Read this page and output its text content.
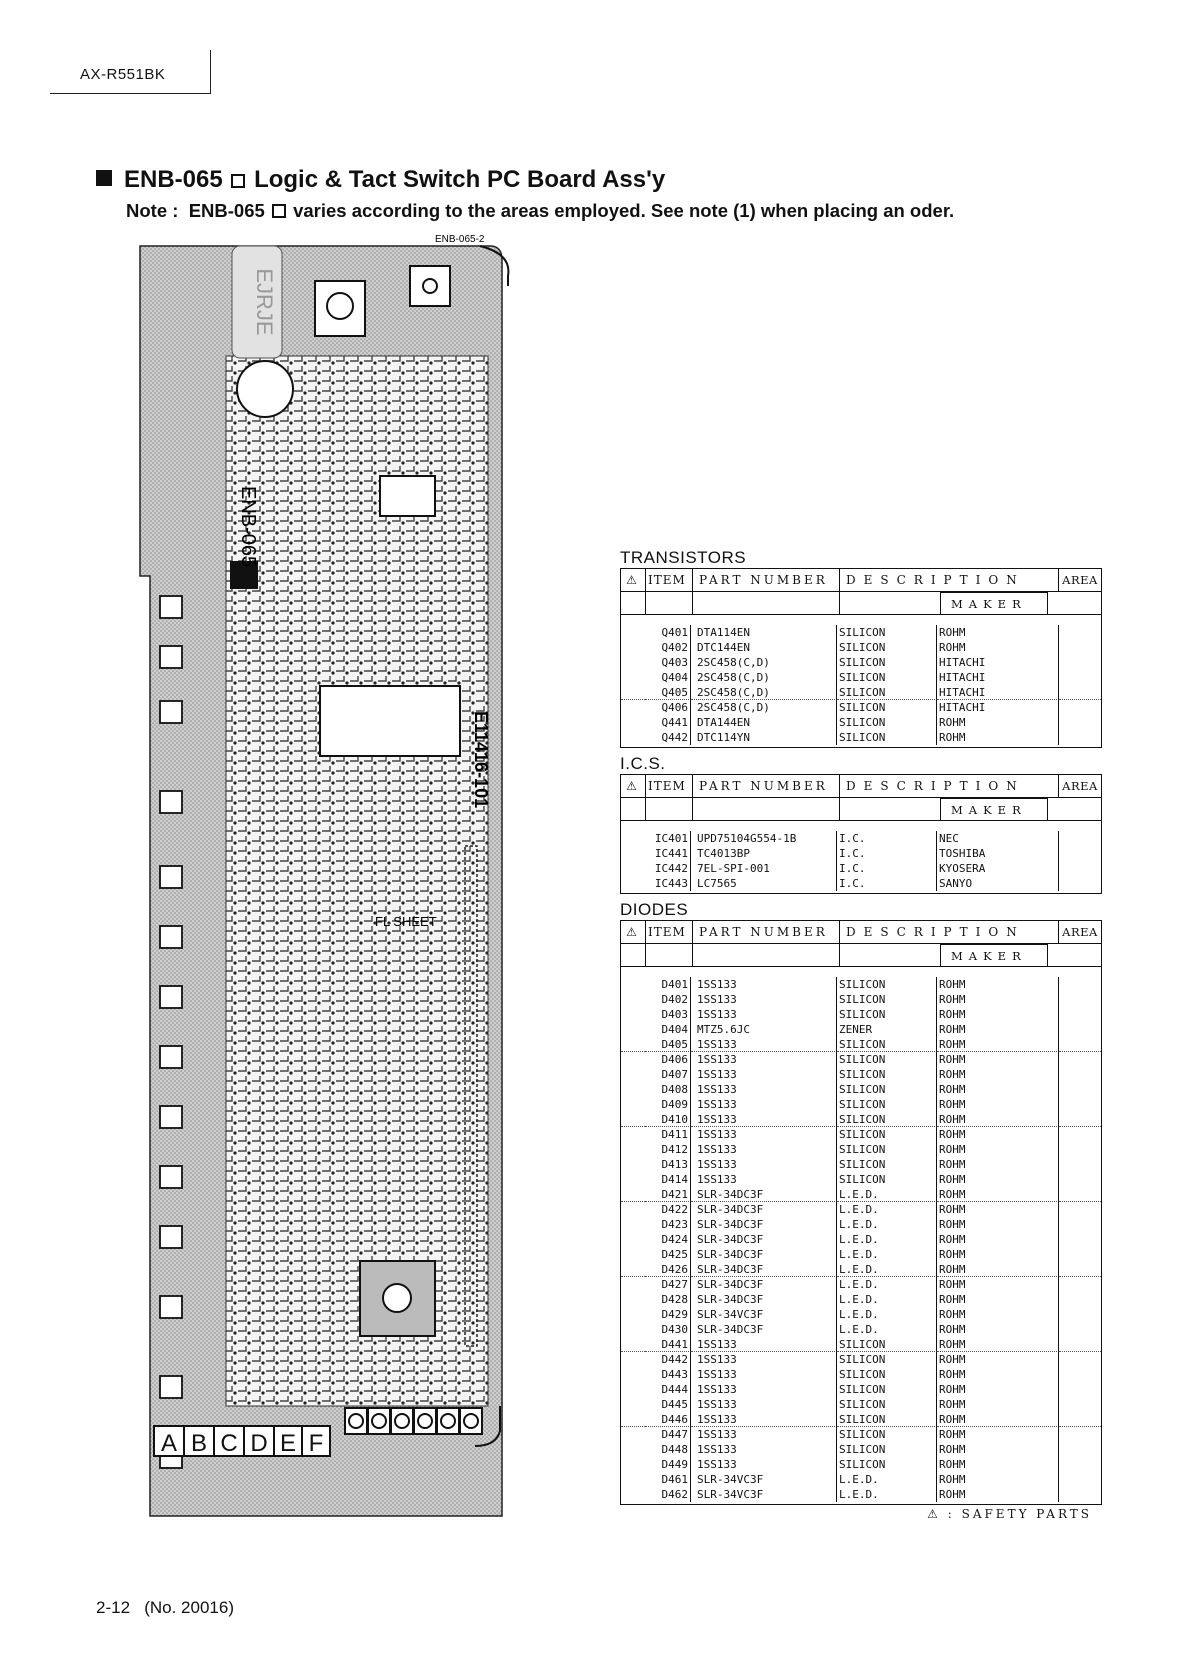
AX-R551BK
ENB-065 Logic & Tact Switch PC Board Ass'y
Note : ENB-065 varies according to the areas employed. See note (1) when placing an oder.
EJRJE
ENB-065-2
ENB-065
E11416-101
FL SHEET
A B C D E F
TRANSISTORS
⚠ ITEM	PART NUMBER	DESCRIPTION	AREA
MAKER
Q401 DTA114EN	SILICON	ROHM
Q402 DTC144EN	SILICON	ROHM
Q403 2SC458(C,D)	SILICON	HITACHI
Q404 2SC458(C,D)	SILICON	HITACHI
Q405 2SC458(C,D)	SILICON	HITACHI
Q406 2SC458(C,D)	SILICON	HITACHI
Q441 DTA144EN	SILICON	ROHM
Q442 DTC114YN	SILICON	ROHM
I.C.S.
⚠ ITEM	PART NUMBER	DESCRIPTION	AREA
MAKER
IC401 UPD75104G554-1B	I.C.	NEC
IC441 TC4013BP	I.C.	TOSHIBA
IC442 7EL-SPI-001	I.C.	KYOSERA
IC443 LC7565	I.C.	SANYO
DIODES
⚠ ITEM	PART NUMBER	DESCRIPTION	AREA
MAKER
D401 1SS133	SILICON	ROHM
D402 1SS133	SILICON	ROHM
D403 1SS133	SILICON	ROHM
D404 MTZ5.6JC	ZENER	ROHM
D405 1SS133	SILICON	ROHM
D406 1SS133	SILICON	ROHM
D407 1SS133	SILICON	ROHM
D408 1SS133	SILICON	ROHM
D409 1SS133	SILICON	ROHM
D410 1SS133	SILICON	ROHM
D411 1SS133	SILICON	ROHM
D412 1SS133	SILICON	ROHM
D413 1SS133	SILICON	ROHM
D414 1SS133	SILICON	ROHM
D421 SLR-34DC3F	L.E.D.	ROHM
D422 SLR-34DC3F	L.E.D.	ROHM
D423 SLR-34DC3F	L.E.D.	ROHM
D424 SLR-34DC3F	L.E.D.	ROHM
D425 SLR-34DC3F	L.E.D.	ROHM
D426 SLR-34DC3F	L.E.D.	ROHM
D427 SLR-34DC3F	L.E.D.	ROHM
D428 SLR-34DC3F	L.E.D.	ROHM
D429 SLR-34VC3F	L.E.D.	ROHM
D430 SLR-34DC3F	L.E.D.	ROHM
D441 1SS133	SILICON	ROHM
D442 1SS133	SILICON	ROHM
D443 1SS133	SILICON	ROHM
D444 1SS133	SILICON	ROHM
D445 1SS133	SILICON	ROHM
D446 1SS133	SILICON	ROHM
D447 1SS133	SILICON	ROHM
D448 1SS133	SILICON	ROHM
D449 1SS133	SILICON	ROHM
D461 SLR-34VC3F	L.E.D.	ROHM
D462 SLR-34VC3F	L.E.D.	ROHM
⚠ : SAFETY PARTS
2-12 (No. 20016)
